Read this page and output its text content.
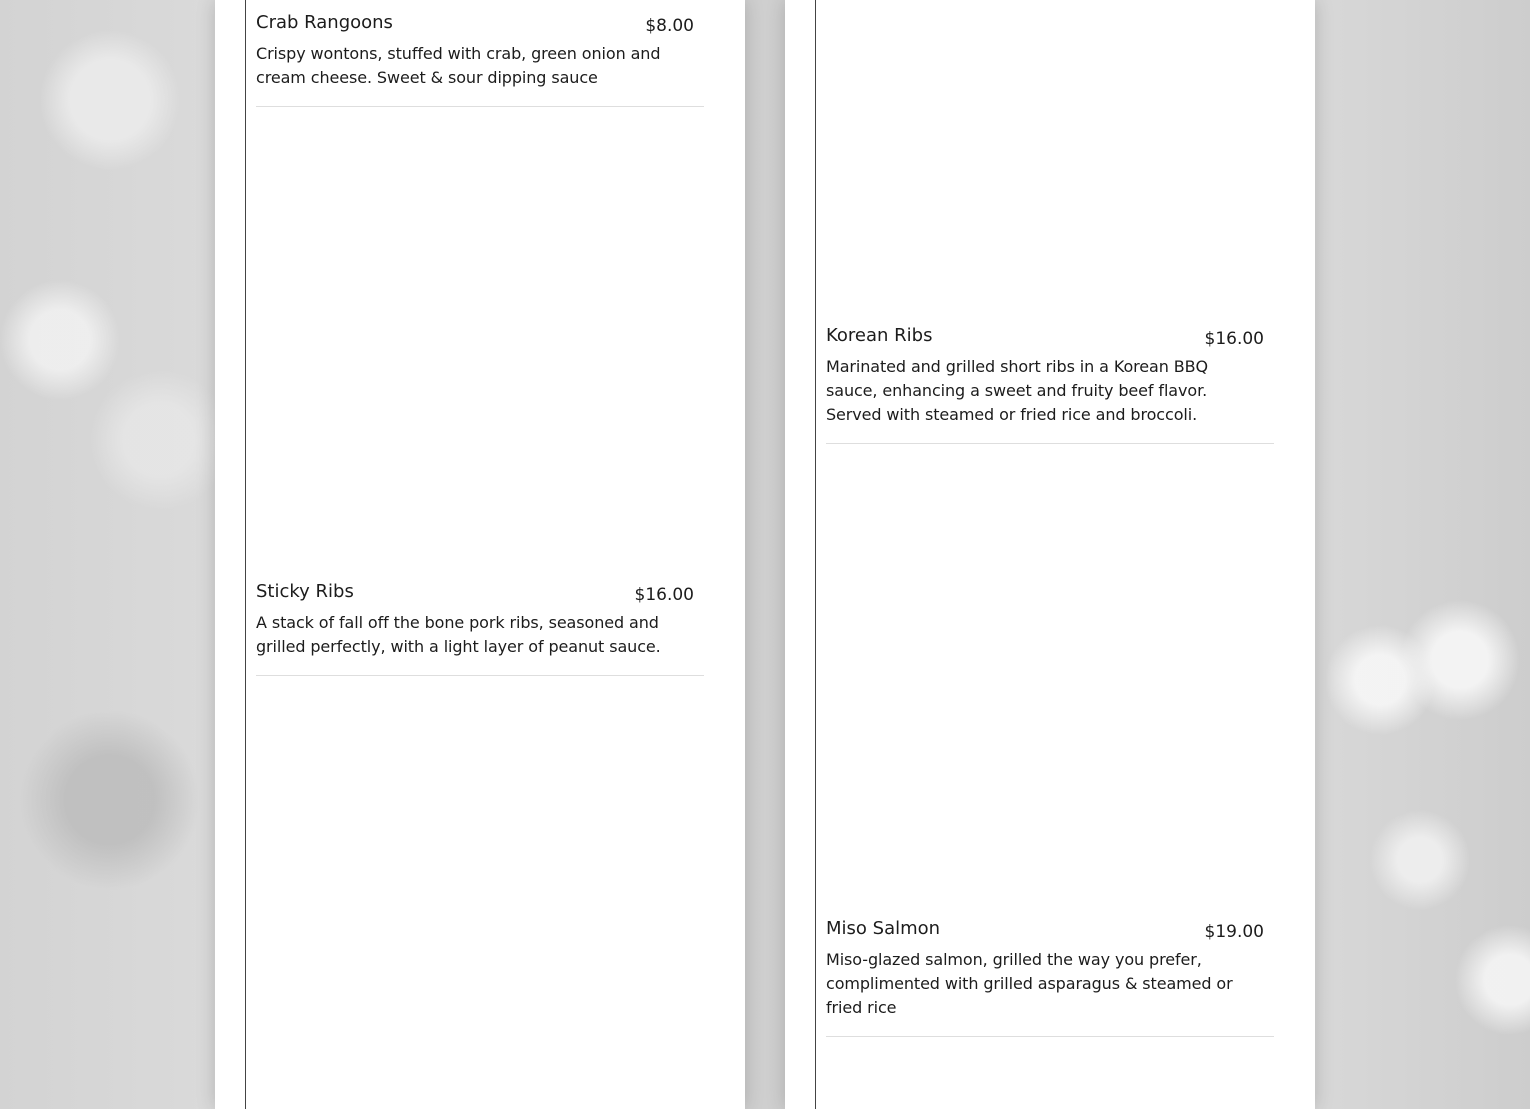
Crab Rangoons	$8.00
Crispy wontons, stuffed with crab, green onion and cream cheese. Sweet & sour dipping sauce
Sticky Ribs	$16.00
A stack of fall off the bone pork ribs, seasoned and grilled perfectly, with a light layer of peanut sauce.
Korean Ribs	$16.00
Marinated and grilled short ribs in a Korean BBQ sauce, enhancing a sweet and fruity beef flavor. Served with steamed or fried rice and broccoli.
Miso Salmon	$19.00
Miso-glazed salmon, grilled the way you prefer, complimented with grilled asparagus & steamed or fried rice
